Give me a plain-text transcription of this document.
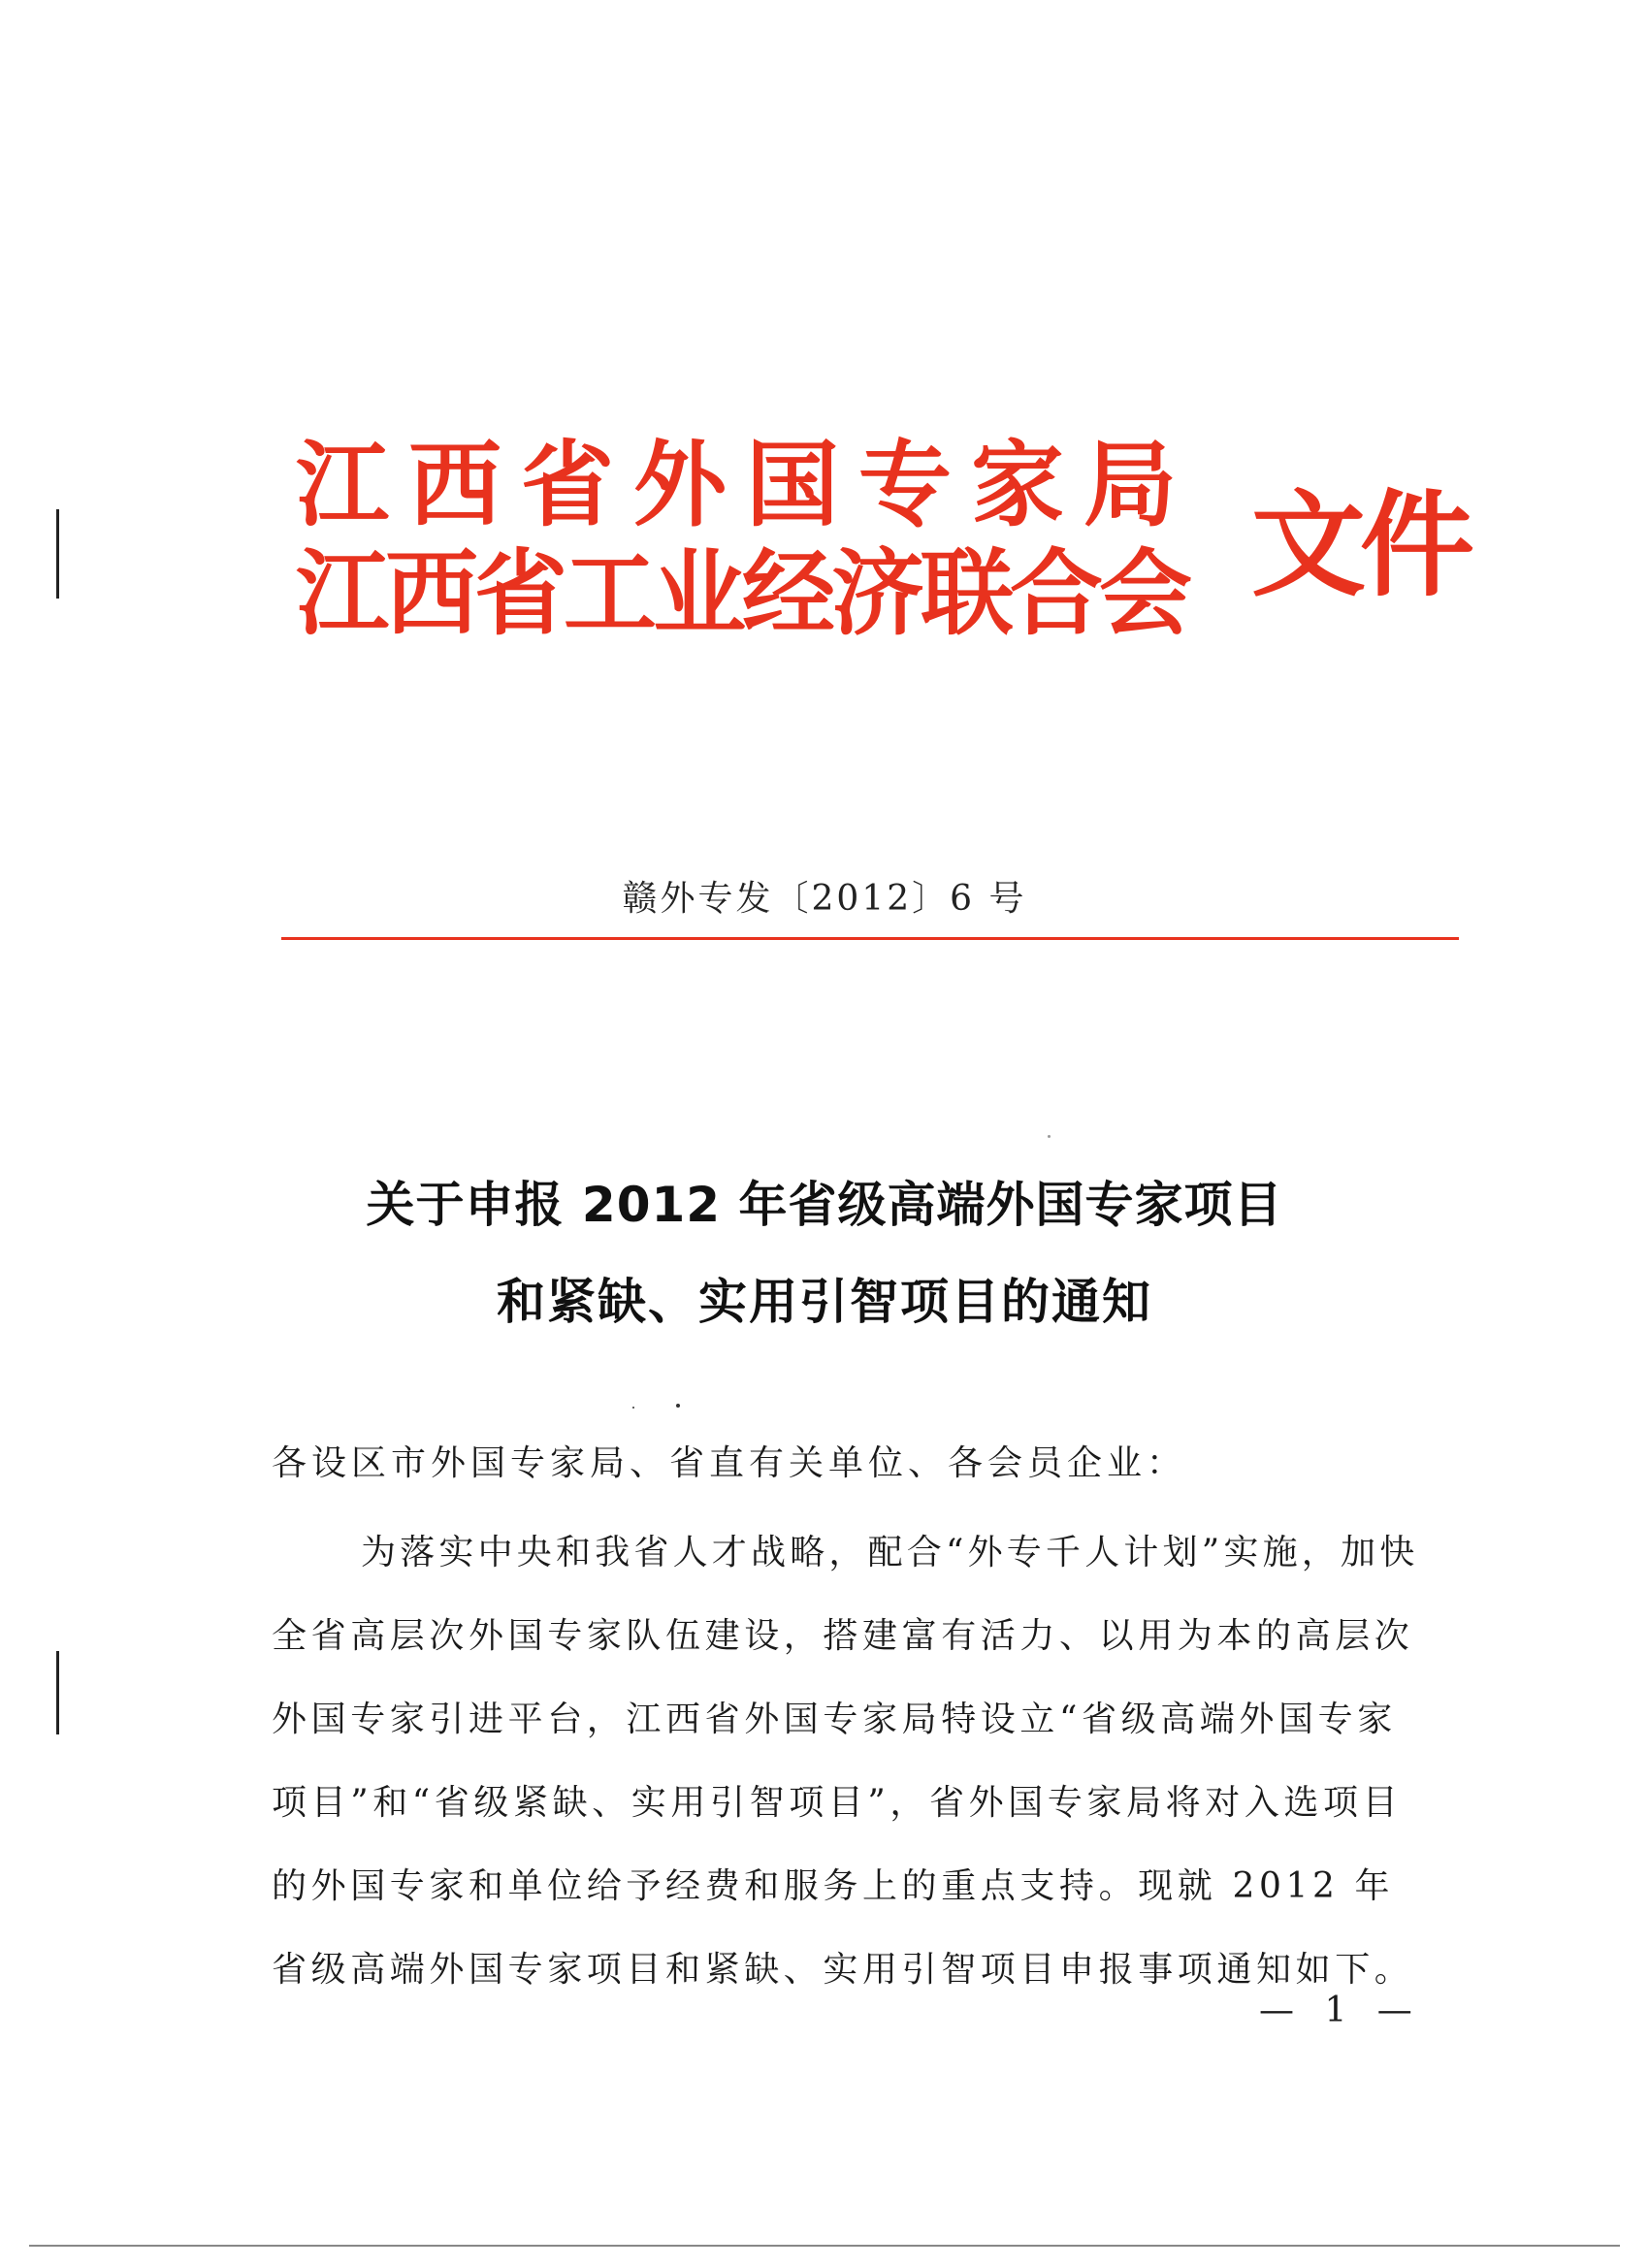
江西省外国专家局
江西省工业经济联合会 文件
赣外专发〔2012〕6 号
关于申报 2012 年省级高端外国专家项目
和紧缺、实用引智项目的通知
各设区市外国专家局、省直有关单位、各会员企业：
为落实中央和我省人才战略，配合“外专千人计划”实施，加快
全省高层次外国专家队伍建设，搭建富有活力、以用为本的高层次
外国专家引进平台，江西省外国专家局特设立“省级高端外国专家
项目”和“省级紧缺、实用引智项目”，省外国专家局将对入选项目
的外国专家和单位给予经费和服务上的重点支持。现就 2012 年
省级高端外国专家项目和紧缺、实用引智项目申报事项通知如下。
— 1 —
